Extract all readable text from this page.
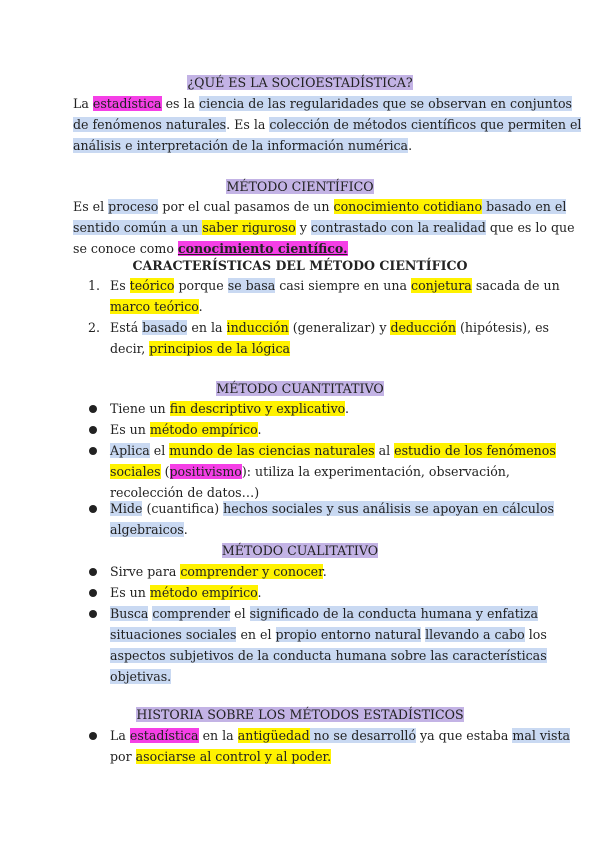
¿QUÉ ES LA SOCIOESTADÍSTICA?
La estadística es la ciencia de las regularidades que se observan en conjuntos
de fenómenos naturales. Es la colección de métodos científicos que permiten el
análisis e interpretación de la información numérica.
MÉTODO CIENTÍFICO
Es el proceso por el cual pasamos de un conocimiento cotidiano basado en el
sentido común a un saber riguroso y contrastado con la realidad que es lo que
se conoce como conocimiento científico.
CARACTERÍSTICAS DEL MÉTODO CIENTÍFICO
1. Es teórico porque se basa casi siempre en una conjetura sacada de un
marco teórico.
2. Está basado en la inducción (generalizar) y deducción (hipótesis), es
decir, principios de la lógica
MÉTODO CUANTITATIVO
Tiene un fin descriptivo y explicativo.
Es un método empírico.
Aplica el mundo de las ciencias naturales al estudio de los fenómenos
sociales (positivismo): utiliza la experimentación, observación,
recolección de datos…)
Mide (cuantifica) hechos sociales y sus análisis se apoyan en cálculos
algebraicos.
MÉTODO CUALITATIVO
Sirve para comprender y conocer.
Es un método empírico.
Busca comprender el significado de la conducta humana y enfatiza
situaciones sociales en el propio entorno natural llevando a cabo los
aspectos subjetivos de la conducta humana sobre las características
objetivas.
HISTORIA SOBRE LOS MÉTODOS ESTADÍSTICOS
La estadística en la antigüedad no se desarrolló ya que estaba mal vista
por asociarse al control y al poder.
